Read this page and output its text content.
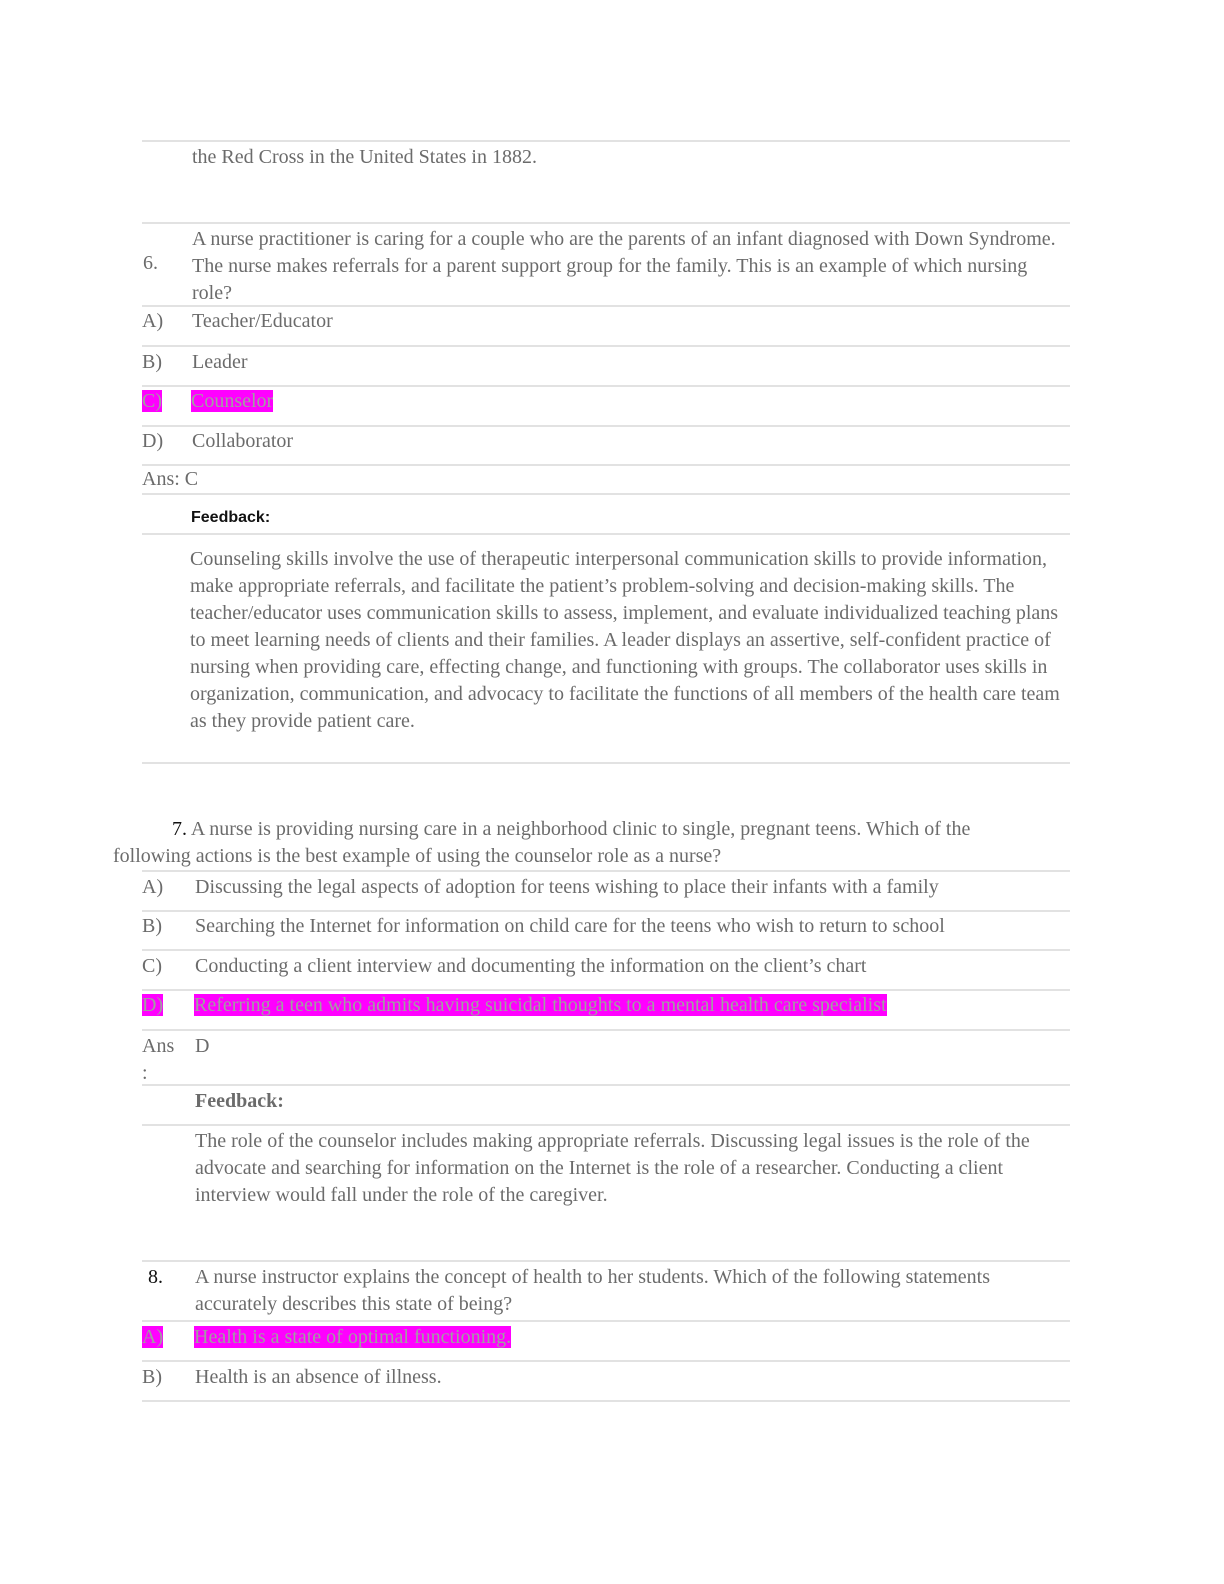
the Red Cross in the United States in 1882.
6.
A nurse practitioner is caring for a couple who are the parents of an infant diagnosed with Down Syndrome. The nurse makes referrals for a parent support group for the family. This is an example of which nursing role?
A) Teacher/Educator
B) Leader
C) Counselor
D) Collaborator
Ans: C
Feedback:
Counseling skills involve the use of therapeutic interpersonal communication skills to provide information, make appropriate referrals, and facilitate the patient’s problem-solving and decision-making skills. The teacher/educator uses communication skills to assess, implement, and evaluate individualized teaching plans to meet learning needs of clients and their families. A leader displays an assertive, self-confident practice of nursing when providing care, effecting change, and functioning with groups. The collaborator uses skills in organization, communication, and advocacy to facilitate the functions of all members of the health care team as they provide patient care.
7. A nurse is providing nursing care in a neighborhood clinic to single, pregnant teens. Which of the
following actions is the best example of using the counselor role as a nurse?
A) Discussing the legal aspects of adoption for teens wishing to place their infants with a family
B) Searching the Internet for information on child care for the teens who wish to return to school
C) Conducting a client interview and documenting the information on the client’s chart
D) Referring a teen who admits having suicidal thoughts to a mental health care specialist
Ans
:
D
Feedback:
The role of the counselor includes making appropriate referrals. Discussing legal issues is the role of the advocate and searching for information on the Internet is the role of a researcher. Conducting a client interview would fall under the role of the caregiver.
8. A nurse instructor explains the concept of health to her students. Which of the following statements accurately describes this state of being?
A) Health is a state of optimal functioning.
B) Health is an absence of illness.
